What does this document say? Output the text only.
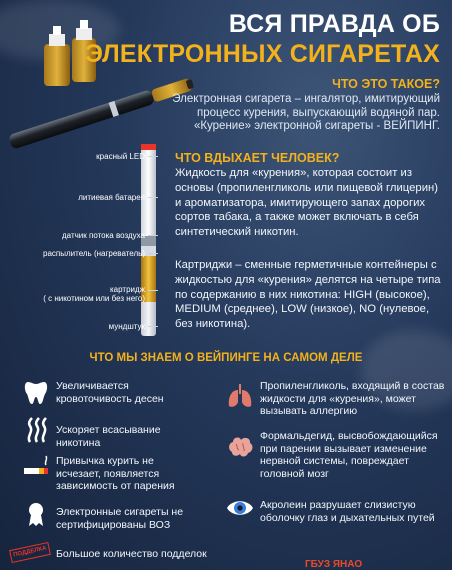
ВСЯ ПРАВДА ОБ
ЭЛЕКТРОННЫХ СИГАРЕТАХ
ЧТО ЭТО ТАКОЕ?
Электронная сигарета – ингалятор, имитирующий процесс курения, выпускающий водяной пар. «Курение» электронной сигареты - ВЕЙПИНГ.
ЧТО ВДЫХАЕТ ЧЕЛОВЕК?
Жидкость для «курения», которая состоит из основы (пропиленгликоль или пищевой глицерин) и ароматизатора, имитирующего запах дорогих сортов табака, а также может включать в себя синтетический никотин.
Картриджи – сменные герметичные контейнеры с жидкостью для «курения» делятся на четыре типа по содержанию в них никотина: HIGH (высокое), MEDIUM (среднее), LOW (низкое), NO (нулевое, без никотина).
красный LED
литиевая батарея
датчик потока воздуха
распылитель (нагреватель)
картридж
( с никотином или без него)
мундштук
ЧТО МЫ ЗНАЕМ О ВЕЙПИНГЕ НА САМОМ ДЕЛЕ
Увеличивается кровоточивость десен
Ускоряет всасывание никотина
Привычка курить не исчезает, появляется зависимость от парения
Электронные сигареты не сертифицированы ВОЗ
ПОДДЕЛКА Большое количество подделок
Пропиленгликоль, входящий в состав жидкости для «курения», может вызывать аллергию
Формальдегид, высвобождающийся при парении вызывает изменение нервной системы, повреждает головной мозг
Акролеин разрушает слизистую оболочку глаз и дыхательных путей
ГБУЗ ЯНАО
